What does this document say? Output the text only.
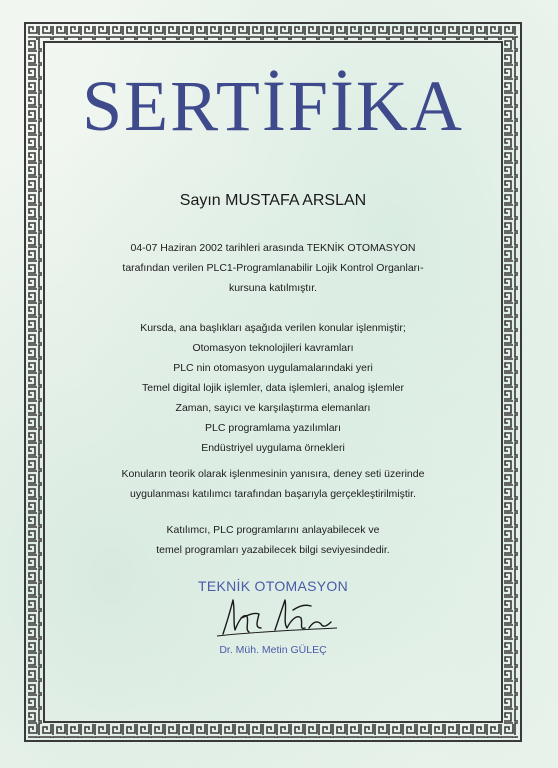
SERTİFİKA
Sayın MUSTAFA ARSLAN
04-07 Haziran 2002 tarihleri arasında TEKNİK OTOMASYON
tarafından verilen PLC1-Programlanabilir Lojik Kontrol Organları-
kursuna katılmıştır.
Kursda, ana başlıkları aşağıda verilen konular işlenmiştir;
Otomasyon teknolojileri kavramları
PLC nin otomasyon uygulamalarındaki yeri
Temel digital lojik işlemler, data işlemleri, analog işlemler
Zaman, sayıcı ve karşılaştırma elemanları
PLC programlama yazılımları
Endüstriyel uygulama örnekleri
Konuların teorik olarak işlenmesinin yanısıra, deney seti üzerinde
uygulanması katılımcı tarafından başarıyla gerçekleştirilmiştir.
Katılımcı, PLC programlarını anlayabilecek ve
temel programları yazabilecek bilgi seviyesindedir.
TEKNİK OTOMASYON
Dr. Müh. Metin GÜLEÇ
